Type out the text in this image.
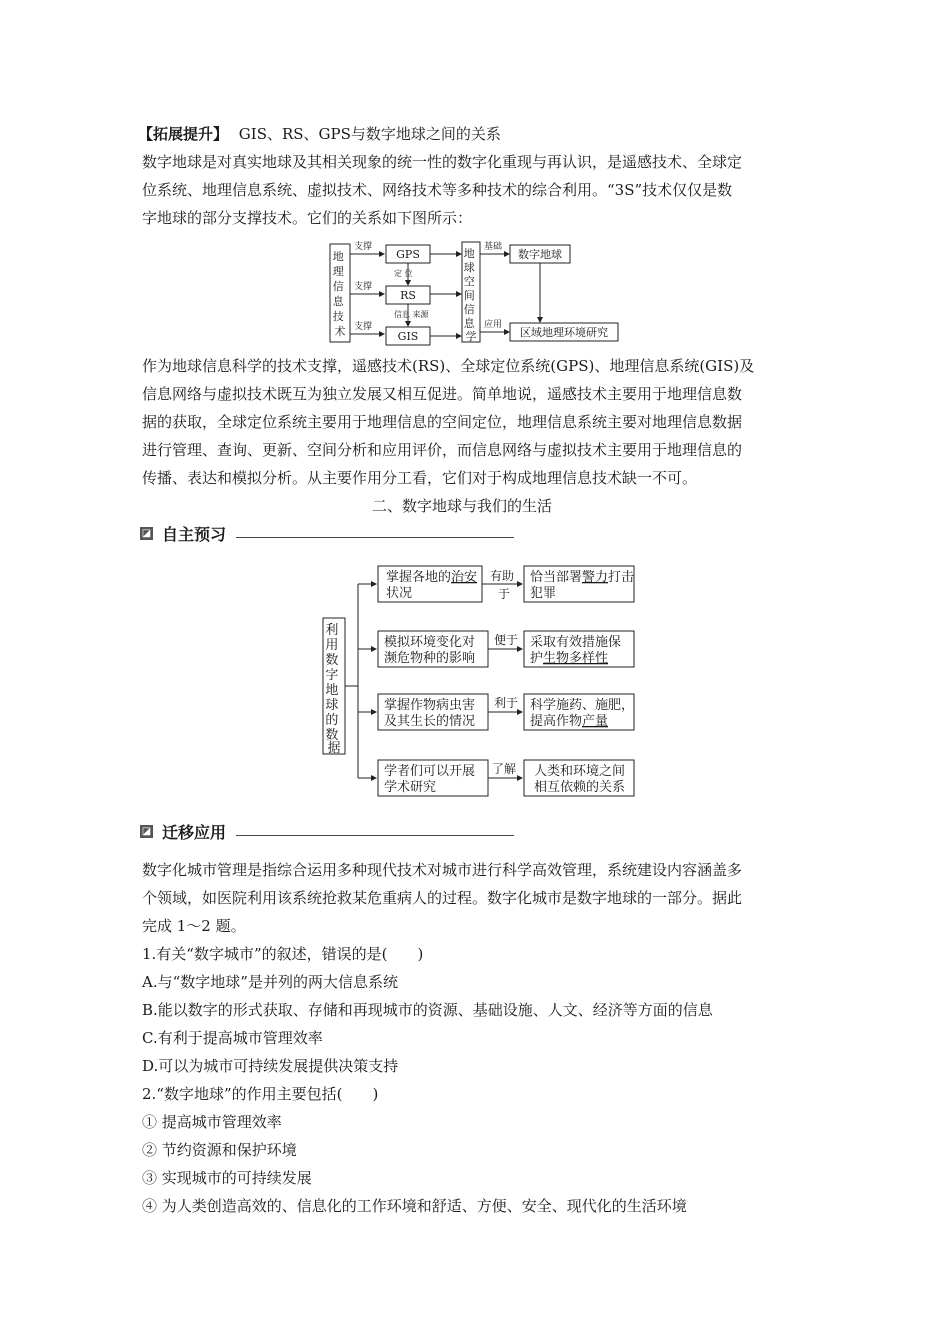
【拓展提升】 GIS、RS、GPS与数字地球之间的关系
数字地球是对真实地球及其相关现象的统一性的数字化重现与再认识，是遥感技术、全球定
位系统、地理信息系统、虚拟技术、网络技术等多种技术的综合利用。“3S”技术仅仅是数
字地球的部分支撑技术。它们的关系如下图所示：
地 理 信 息 技 术
支撑
支撑
支撑
GPS
RS
GIS
定 位
信息 来源
地 球 空 间 信 息 学
基础
应用
数字地球
区域地理环境研究
作为地球信息科学的技术支撑，遥感技术(RS)、全球定位系统(GPS)、地理信息系统(GIS)及
信息网络与虚拟技术既互为独立发展又相互促进。简单地说，遥感技术主要用于地理信息数
据的获取，全球定位系统主要用于地理信息的空间定位，地理信息系统主要对地理信息数据
进行管理、查询、更新、空间分析和应用评价，而信息网络与虚拟技术主要用于地理信息的
传播、表达和模拟分析。从主要作用分工看，它们对于构成地理信息技术缺一不可。
二、数字地球与我们的生活
◪ 自主预习
利 用 数 字 地 球 的 数 据
掌握各地的治安
状况
有助
于
恰当部署警力打击
犯罪
模拟环境变化对
濒危物种的影响
便于 采取有效措施保
护生物多样性
掌握作物病虫害
及其生长的情况
利于 科学施药、施肥，
提高作物产量
学者们可以开展
学术研究
了解 人类和环境之间
相互依赖的关系
◪ 迁移应用
数字化城市管理是指综合运用多种现代技术对城市进行科学高效管理，系统建设内容涵盖多
个领域，如医院利用该系统抢救某危重病人的过程。数字化城市是数字地球的一部分。据此
完成 1～2 题。
1.有关“数字城市”的叙述，错误的是(　　)
A.与“数字地球”是并列的两大信息系统
B.能以数字的形式获取、存储和再现城市的资源、基础设施、人文、经济等方面的信息
C.有利于提高城市管理效率
D.可以为城市可持续发展提供决策支持
2.“数字地球”的作用主要包括(　　)
① 提高城市管理效率
② 节约资源和保护环境
③ 实现城市的可持续发展
④ 为人类创造高效的、信息化的工作环境和舒适、方便、安全、现代化的生活环境
